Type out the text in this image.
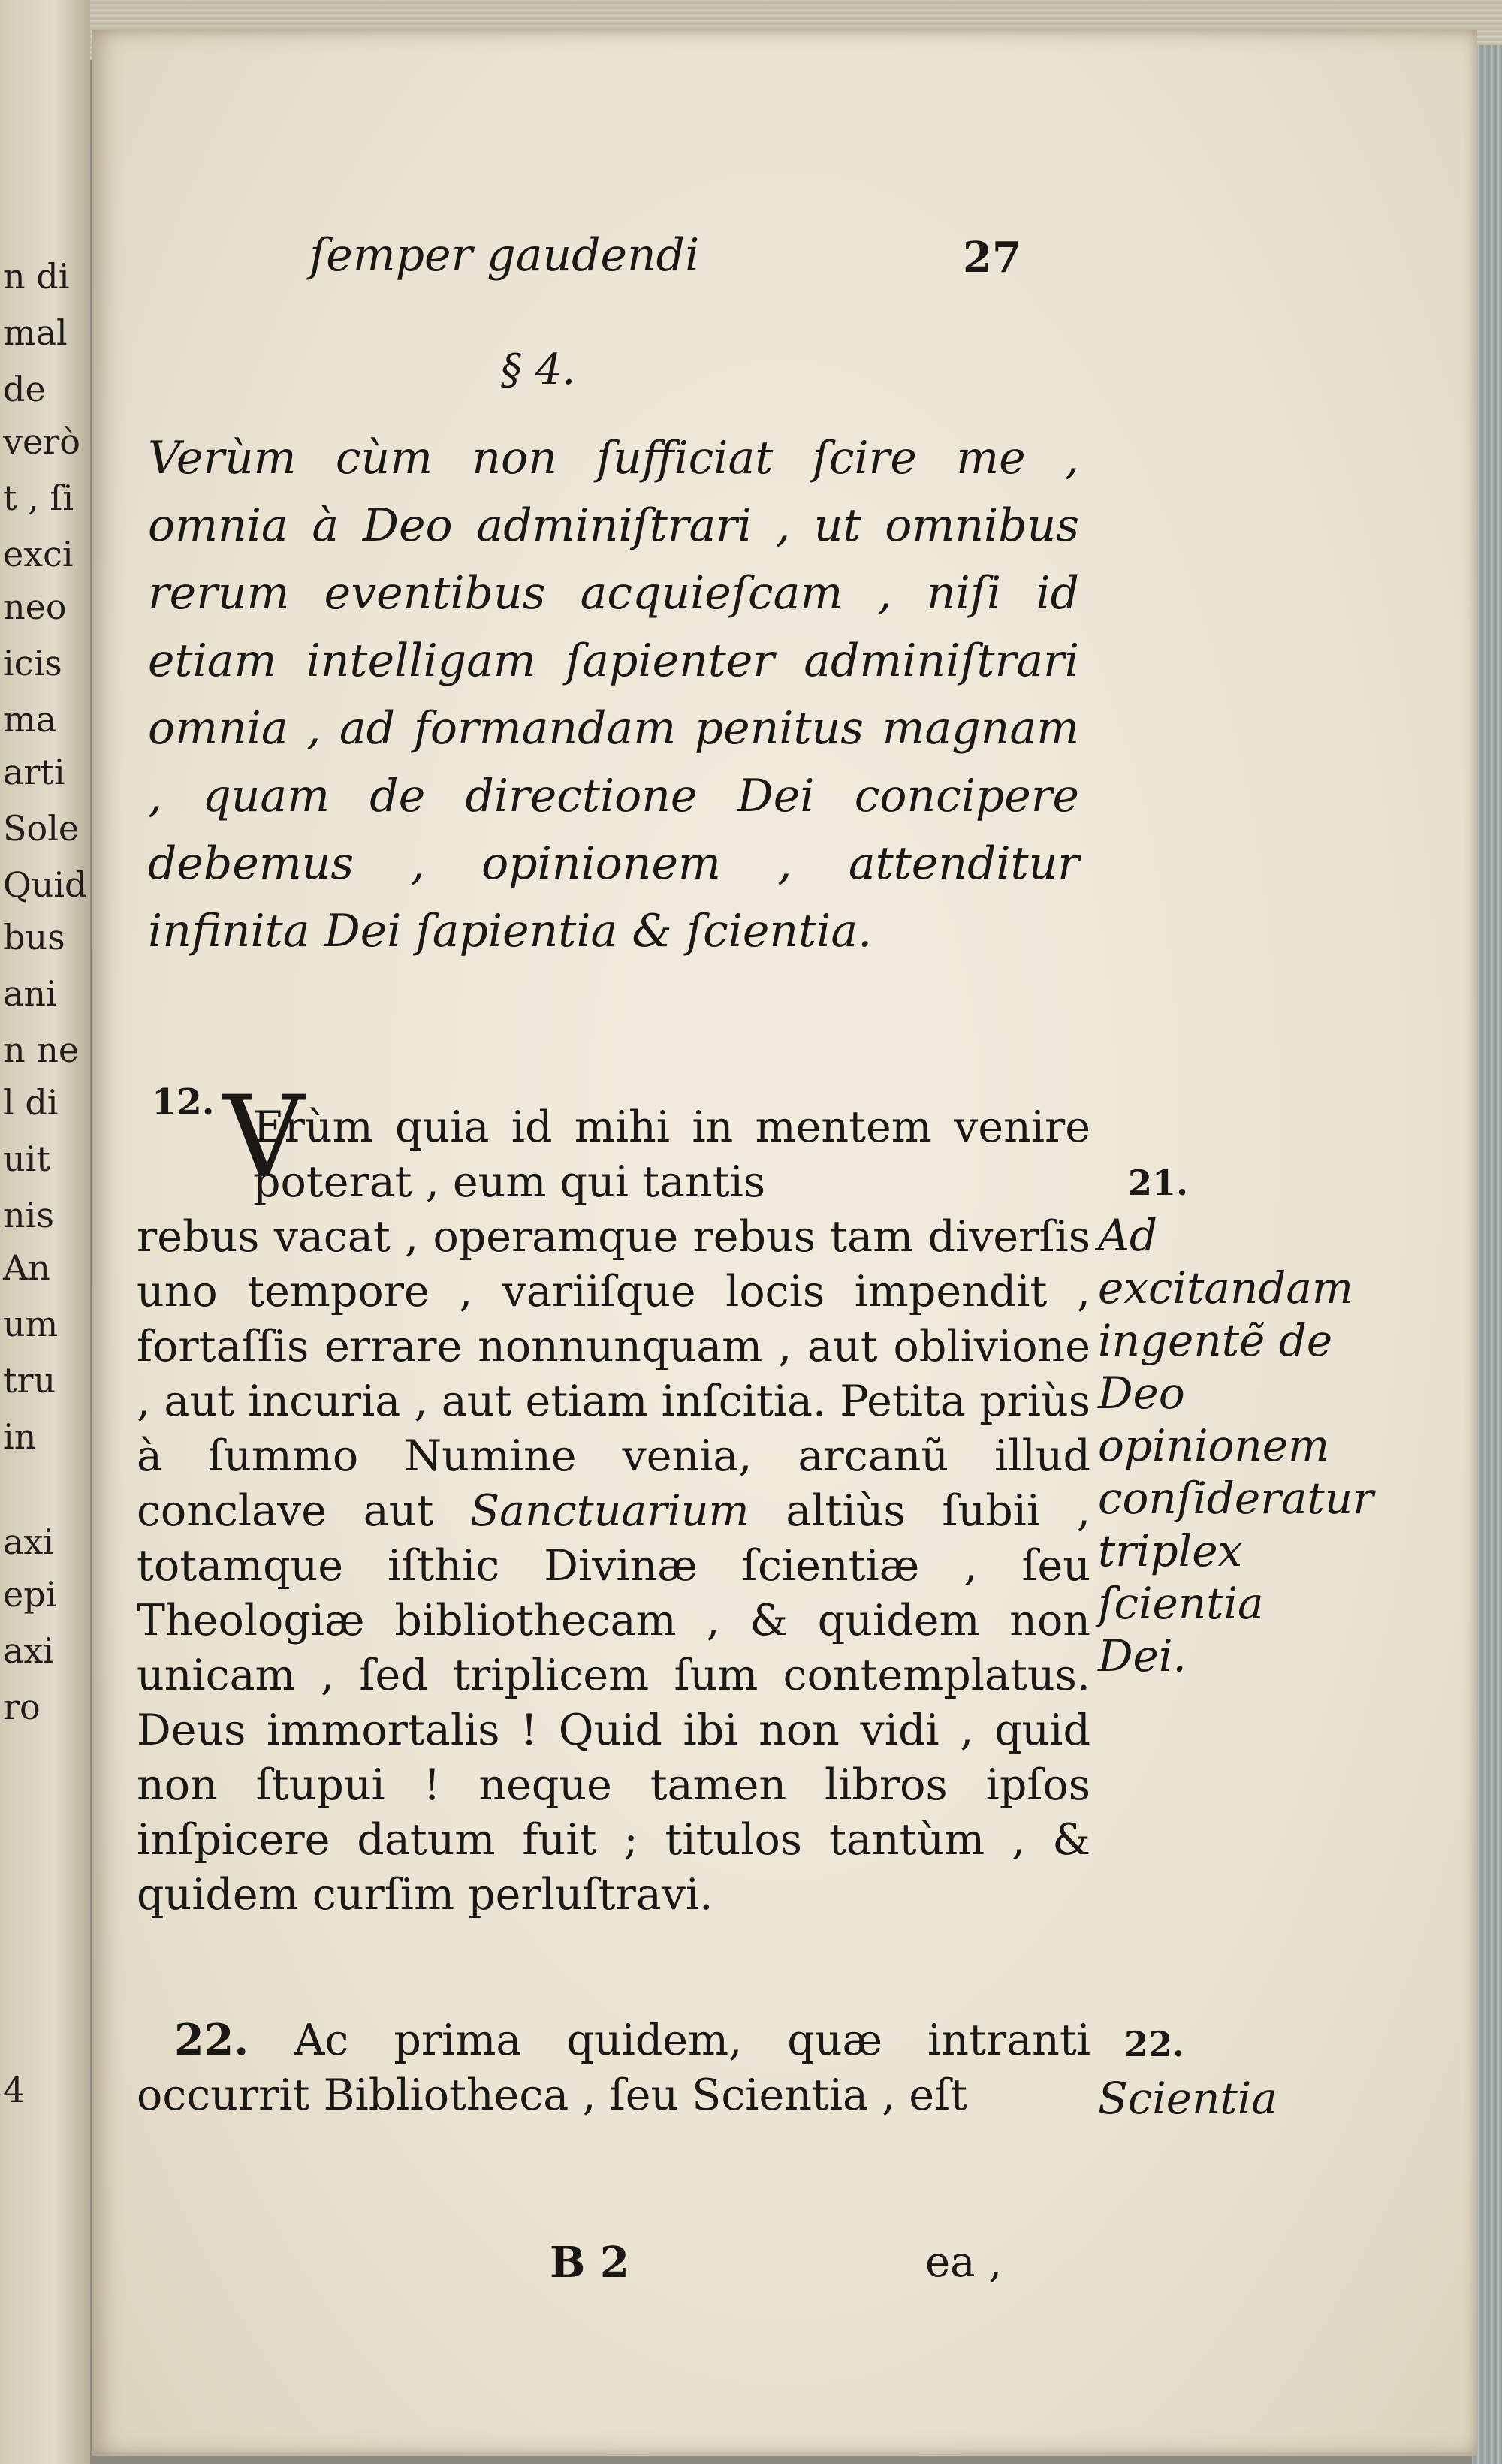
n di
mal
de
verò
t , ſi
exci
neo
icis
ma
arti
Sole
Quid
bus
ani
n ne
l di
uit
nis
An
um
tru
in
axi
epi
axi
ro
4
ſemper gaudendi	27
§ 4.
Verùm cùm non ſufficiat ſcire me , omnia à Deo adminiſtrari , ut omnibus rerum eventibus acquieſcam , niſi id etiam intelligam ſapienter adminiſtrari omnia , ad formandam penitus magnam , quam de directione Dei concipere debemus , opinionem , attenditur infinita Dei ſapientia & ſcientia.
12. V
Erùm quia id mihi in mentem venire poterat , eum qui tantis
rebus vacat , operamque rebus tam diverſis uno tempore , variiſque locis impendit , fortaſſis errare nonnunquam , aut oblivione , aut incuria , aut etiam inſcitia. Petita priùs à ſummo Numine venia, arcanũ illud conclave aut Sanctuarium altiùs ſubii , totamque iſthic Divinæ ſcientiæ , ſeu Theologiæ bibliothecam , & quidem non unicam , ſed triplicem ſum contemplatus. Deus immortalis ! Quid ibi non vidi , quid non ſtupui ! neque tamen libros ipſos inſpicere datum fuit ; titulos tantùm , & quidem curſim perluſtravi.
22. Ac prima quidem, quæ intranti occurrit Bibliotheca , ſeu Scientia , eſt
21.
Ad excitandam ingentẽ de Deo opinionem conſideratur triplex ſcientia Dei.
22.
Scientia
B 2	ea ,
